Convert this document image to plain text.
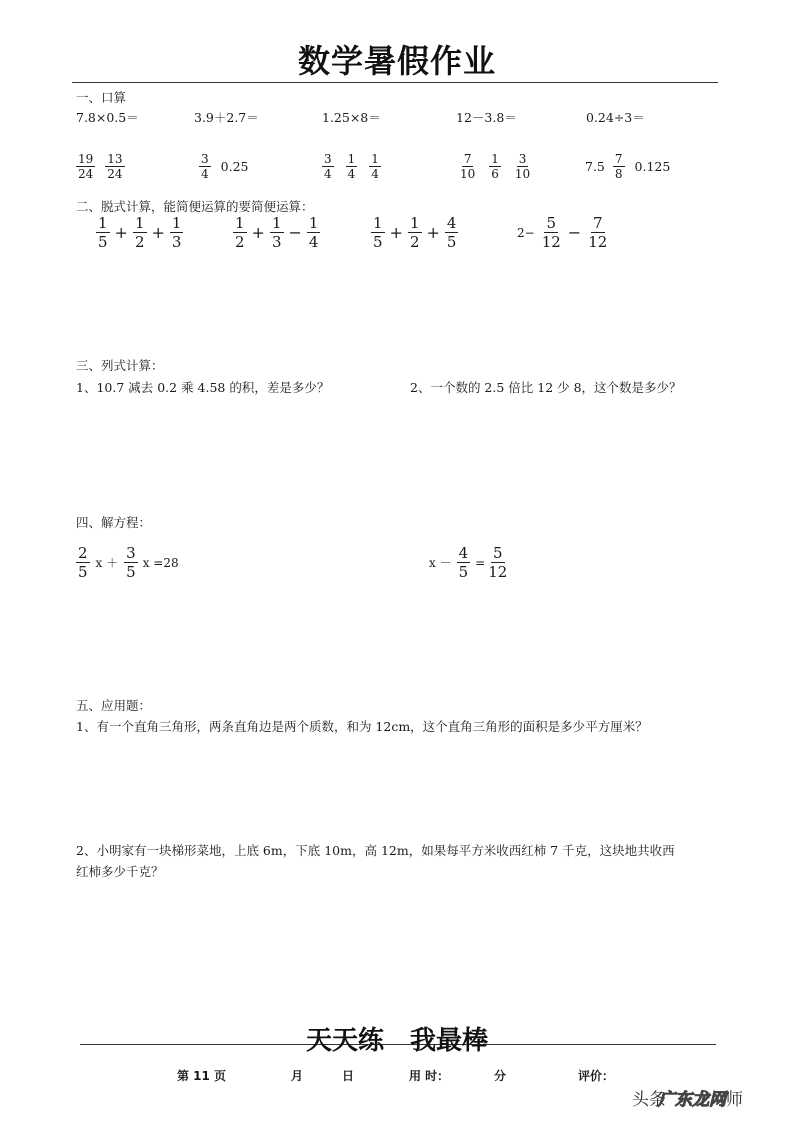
数学暑假作业
一、口算
7.8×0.5＝	3.9＋2.7＝	1.25×8＝	12－3.8＝	0.24÷3＝
$\frac{19}{24} \frac{13}{24}$	$\frac{3}{4} 0.25$	$\frac{3}{4} \frac{1}{4} \frac{1}{4}$	$\frac{7}{10} \frac{1}{6} \frac{3}{10}$	$7.5 \frac{7}{8} 0.125$
二、脱式计算，能简便运算的要简便运算：
$\frac{1}{5} + \frac{1}{2} + \frac{1}{3}$	$\frac{1}{2} + \frac{1}{3} - \frac{1}{4}$	$\frac{1}{5} + \frac{1}{2} + \frac{4}{5}$	$2- \frac{5}{12} - \frac{7}{12}$
三、列式计算：
1、10.7 减去 0.2 乘 4.58 的积，差是多少？	2、一个数的 2.5 倍比 12 少 8，这个数是多少？
四、解方程：
$\frac{2}{5}$ $x + \frac{3}{5}$ x =28	$x - \frac{4}{5} = \frac{5}{12}$
五、应用题：
1、有一个直角三角形，两条直角边是两个质数，和为 12cm，这个直角三角形的面积是多少平方厘米？
2、小明家有一块梯形菜地，上底 6m，下底 10m，高 12m，如果每平方米收西红柿 7 千克，这块地共收西
红柿多少千克？
天天练　我最棒
第 11 页	月	日	用 时：	分	评价：
头条广东龙网师
